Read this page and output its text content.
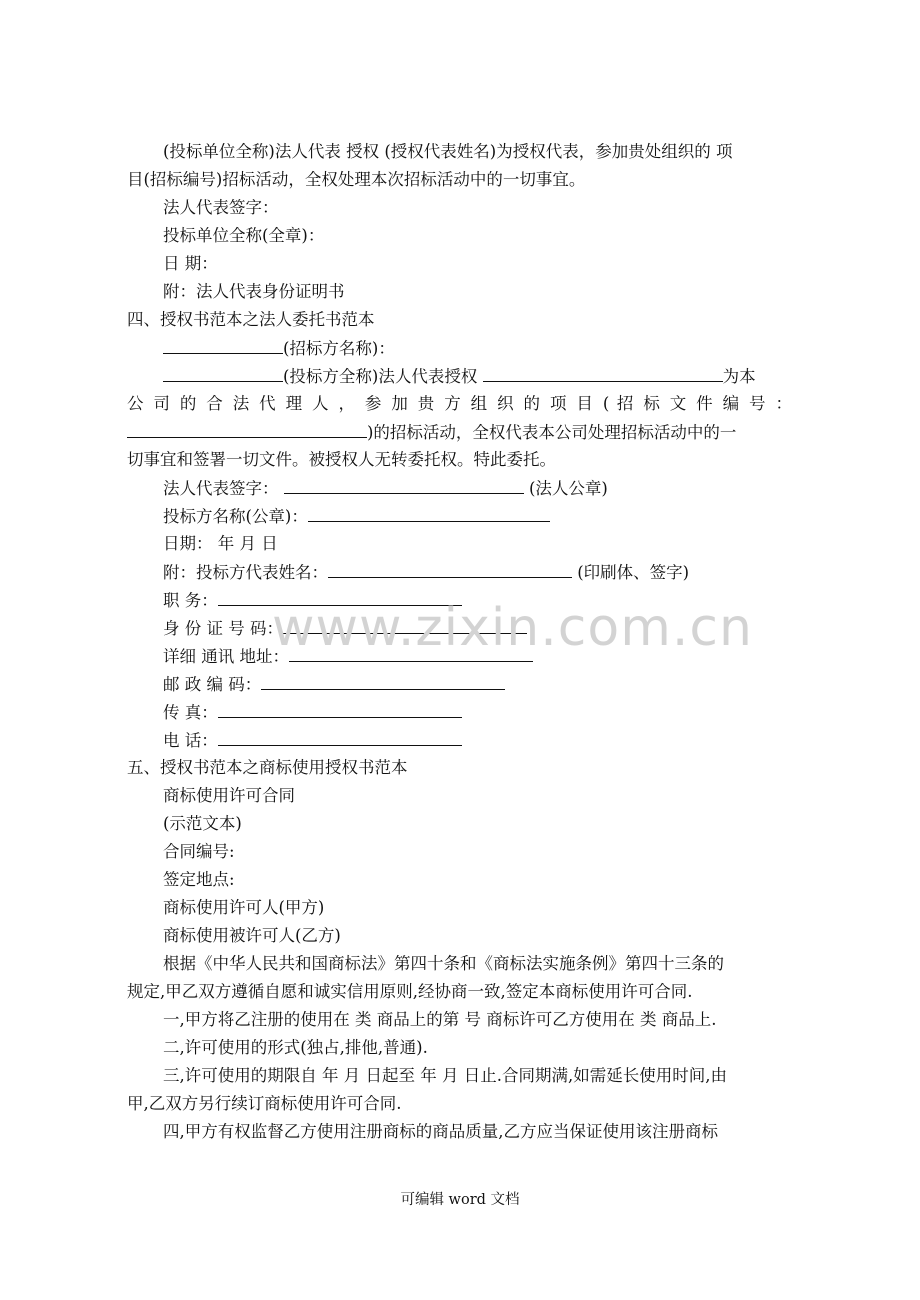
(投标单位全称)法人代表 授权 (授权代表姓名)为授权代表，参加贵处组织的 项
目(招标编号)招标活动，全权处理本次招标活动中的一切事宜。
法人代表签字：
投标单位全称(全章)：
日 期：
附：法人代表身份证明书
四、授权书范本之法人委托书范本
(招标方名称)：
(投标方全称)法人代表授权	为本
公 司 的 合 法 代 理 人 ， 参 加 贵 方 组 织 的 项 目 ( 招 标 文 件 编 号 ：
)的招标活动，全权代表本公司处理招标活动中的一
切事宜和签署一切文件。被授权人无转委托权。特此委托。
法人代表签字：	(法人公章)
投标方名称(公章)：
日期： 年 月 日
附：投标方代表姓名：	(印刷体、签字)
职 务：
身 份 证 号 码：
详细 通讯 地址：
邮 政 编 码：
传 真：
电 话：
五、授权书范本之商标使用授权书范本
商标使用许可合同
(示范文本)
合同编号:
签定地点:
商标使用许可人(甲方)
商标使用被许可人(乙方)
根据《中华人民共和国商标法》第四十条和《商标法实施条例》第四十三条的
规定,甲乙双方遵循自愿和诚实信用原则,经协商一致,签定本商标使用许可合同.
一,甲方将乙注册的使用在 类 商品上的第 号 商标许可乙方使用在 类 商品上.
二,许可使用的形式(独占,排他,普通).
三,许可使用的期限自 年 月 日起至 年 月 日止.合同期满,如需延长使用时间,由
甲,乙双方另行续订商标使用许可合同.
四,甲方有权监督乙方使用注册商标的商品质量,乙方应当保证使用该注册商标
www.zixin.com.cn
可编辑 word 文档
